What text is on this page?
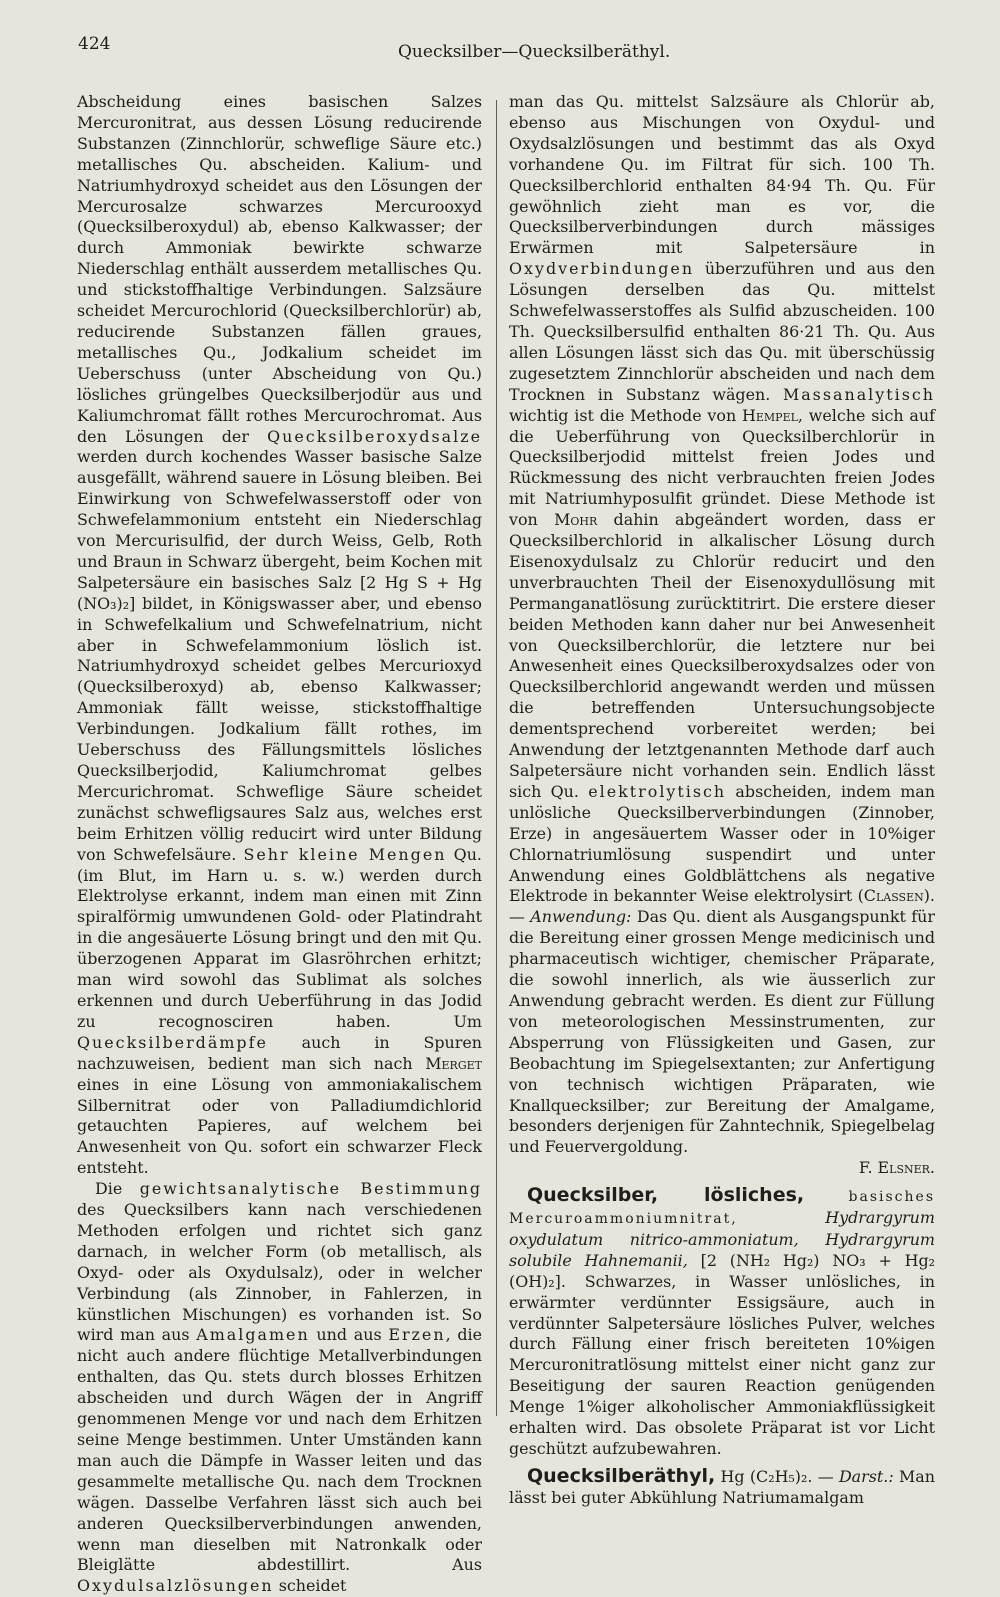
424	Quecksilber—Quecksilberäthyl.

Abscheidung eines basischen Salzes Mercuronitrat, aus dessen Lösung reducirende Substanzen (Zinnchlorür, schweflige Säure etc.) metallisches Qu. abscheiden. Kalium- und Natriumhydroxyd scheidet aus den Lösungen der Mercurosalze schwarzes Mercurooxyd (Quecksilberoxydul) ab, ebenso Kalkwasser; der durch Ammoniak bewirkte schwarze Niederschlag enthält ausserdem metallisches Qu. und stickstoffhaltige Verbindungen. Salzsäure scheidet Mercurochlorid (Quecksilberchlorür) ab, reducirende Substanzen fällen graues, metallisches Qu., Jodkalium scheidet im Ueberschuss (unter Abscheidung von Qu.) lösliches grüngelbes Quecksilberjodür aus und Kaliumchromat fällt rothes Mercurochromat. Aus den Lösungen der Quecksilberoxydsalze werden durch kochendes Wasser basische Salze ausgefällt, während sauere in Lösung bleiben. Bei Einwirkung von Schwefelwasserstoff oder von Schwefelammonium entsteht ein Niederschlag von Mercurisulfid, der durch Weiss, Gelb, Roth und Braun in Schwarz übergeht, beim Kochen mit Salpetersäure ein basisches Salz [2 Hg S + Hg (NO₃)₂] bildet, in Königswasser aber, und ebenso in Schwefelkalium und Schwefelnatrium, nicht aber in Schwefelammonium löslich ist. Natriumhydroxyd scheidet gelbes Mercurioxyd (Quecksilberoxyd) ab, ebenso Kalkwasser; Ammoniak fällt weisse, stickstoffhaltige Verbindungen. Jodkalium fällt rothes, im Ueberschuss des Fällungsmittels lösliches Quecksilberjodid, Kaliumchromat gelbes Mercurichromat. Schweflige Säure scheidet zunächst schwefligsaures Salz aus, welches erst beim Erhitzen völlig reducirt wird unter Bildung von Schwefelsäure. Sehr kleine Mengen Qu. (im Blut, im Harn u. s. w.) werden durch Elektrolyse erkannt, indem man einen mit Zinn spiralförmig umwundenen Gold- oder Platindraht in die angesäuerte Lösung bringt und den mit Qu. überzogenen Apparat im Glasröhrchen erhitzt; man wird sowohl das Sublimat als solches erkennen und durch Ueberführung in das Jodid zu recognosciren haben. Um Quecksilberdämpfe auch in Spuren nachzuweisen, bedient man sich nach Merget eines in eine Lösung von ammoniakalischem Silbernitrat oder von Palladiumdichlorid getauchten Papieres, auf welchem bei Anwesenheit von Qu. sofort ein schwarzer Fleck entsteht.

Die gewichtsanalytische Bestimmung des Quecksilbers kann nach verschiedenen Methoden erfolgen und richtet sich ganz darnach, in welcher Form (ob metallisch, als Oxyd- oder als Oxydulsalz), oder in welcher Verbindung (als Zinnober, in Fahlerzen, in künstlichen Mischungen) es vorhanden ist. So wird man aus Amalgamen und aus Erzen, die nicht auch andere flüchtige Metallverbindungen enthalten, das Qu. stets durch blosses Erhitzen abscheiden und durch Wägen der in Angriff genommenen Menge vor und nach dem Erhitzen seine Menge bestimmen. Unter Umständen kann man auch die Dämpfe in Wasser leiten und das gesammelte metallische Qu. nach dem Trocknen wägen. Dasselbe Verfahren lässt sich auch bei anderen Quecksilberverbindungen anwenden, wenn man dieselben mit Natronkalk oder Bleiglätte abdestillirt. Aus Oxydulsalzlösungen scheidet

man das Qu. mittelst Salzsäure als Chlorür ab, ebenso aus Mischungen von Oxydul- und Oxydsalzlösungen und bestimmt das als Oxyd vorhandene Qu. im Filtrat für sich. 100 Th. Quecksilberchlorid enthalten 84·94 Th. Qu. Für gewöhnlich zieht man es vor, die Quecksilberverbindungen durch mässiges Erwärmen mit Salpetersäure in Oxydverbindungen überzuführen und aus den Lösungen derselben das Qu. mittelst Schwefelwasserstoffes als Sulfid abzuscheiden. 100 Th. Quecksilbersulfid enthalten 86·21 Th. Qu. Aus allen Lösungen lässt sich das Qu. mit überschüssig zugesetztem Zinnchlorür abscheiden und nach dem Trocknen in Substanz wägen. Massanalytisch wichtig ist die Methode von Hempel, welche sich auf die Ueberführung von Quecksilberchlorür in Quecksilberjodid mittelst freien Jodes und Rückmessung des nicht verbrauchten freien Jodes mit Natriumhyposulfit gründet. Diese Methode ist von Mohr dahin abgeändert worden, dass er Quecksilberchlorid in alkalischer Lösung durch Eisenoxydulsalz zu Chlorür reducirt und den unverbrauchten Theil der Eisenoxydullösung mit Permanganatlösung zurücktitrirt. Die erstere dieser beiden Methoden kann daher nur bei Anwesenheit von Quecksilberchlorür, die letztere nur bei Anwesenheit eines Quecksilberoxydsalzes oder von Quecksilberchlorid angewandt werden und müssen die betreffenden Untersuchungsobjecte dementsprechend vorbereitet werden; bei Anwendung der letztgenannten Methode darf auch Salpetersäure nicht vorhanden sein. Endlich lässt sich Qu. elektrolytisch abscheiden, indem man unlösliche Quecksilberverbindungen (Zinnober, Erze) in angesäuertem Wasser oder in 10%iger Chlornatriumlösung suspendirt und unter Anwendung eines Goldblättchens als negative Elektrode in bekannter Weise elektrolysirt (Classen). — Anwendung: Das Qu. dient als Ausgangspunkt für die Bereitung einer grossen Menge medicinisch und pharmaceutisch wichtiger, chemischer Präparate, die sowohl innerlich, als wie äusserlich zur Anwendung gebracht werden. Es dient zur Füllung von meteorologischen Messinstrumenten, zur Absperrung von Flüssigkeiten und Gasen, zur Beobachtung im Spiegelsextanten; zur Anfertigung von technisch wichtigen Präparaten, wie Knallquecksilber; zur Bereitung der Amalgame, besonders derjenigen für Zahntechnik, Spiegelbelag und Feuervergoldung.

F. Elsner.

Quecksilber, lösliches,	basisches Mercuroammoniumnitrat,	Hydrargyrum oxydulatum nitrico-ammoniatum, Hydrargyrum solubile Hahnemanii, [2 (NH₂ Hg₂) NO₃ + Hg₂ (OH)₂]. Schwarzes, in Wasser unlösliches, in erwärmter verdünnter Essigsäure, auch in verdünnter Salpetersäure lösliches Pulver, welches durch Fällung einer frisch bereiteten 10%igen Mercuronitratlösung mittelst einer nicht ganz zur Beseitigung der sauren Reaction genügenden Menge 1%iger alkoholischer Ammoniakflüssigkeit erhalten wird. Das obsolete Präparat ist vor Licht geschützt aufzubewahren.

Quecksilberäthyl, Hg (C₂H₅)₂. — Darst.: Man lässt bei guter Abkühlung Natriumamalgam
